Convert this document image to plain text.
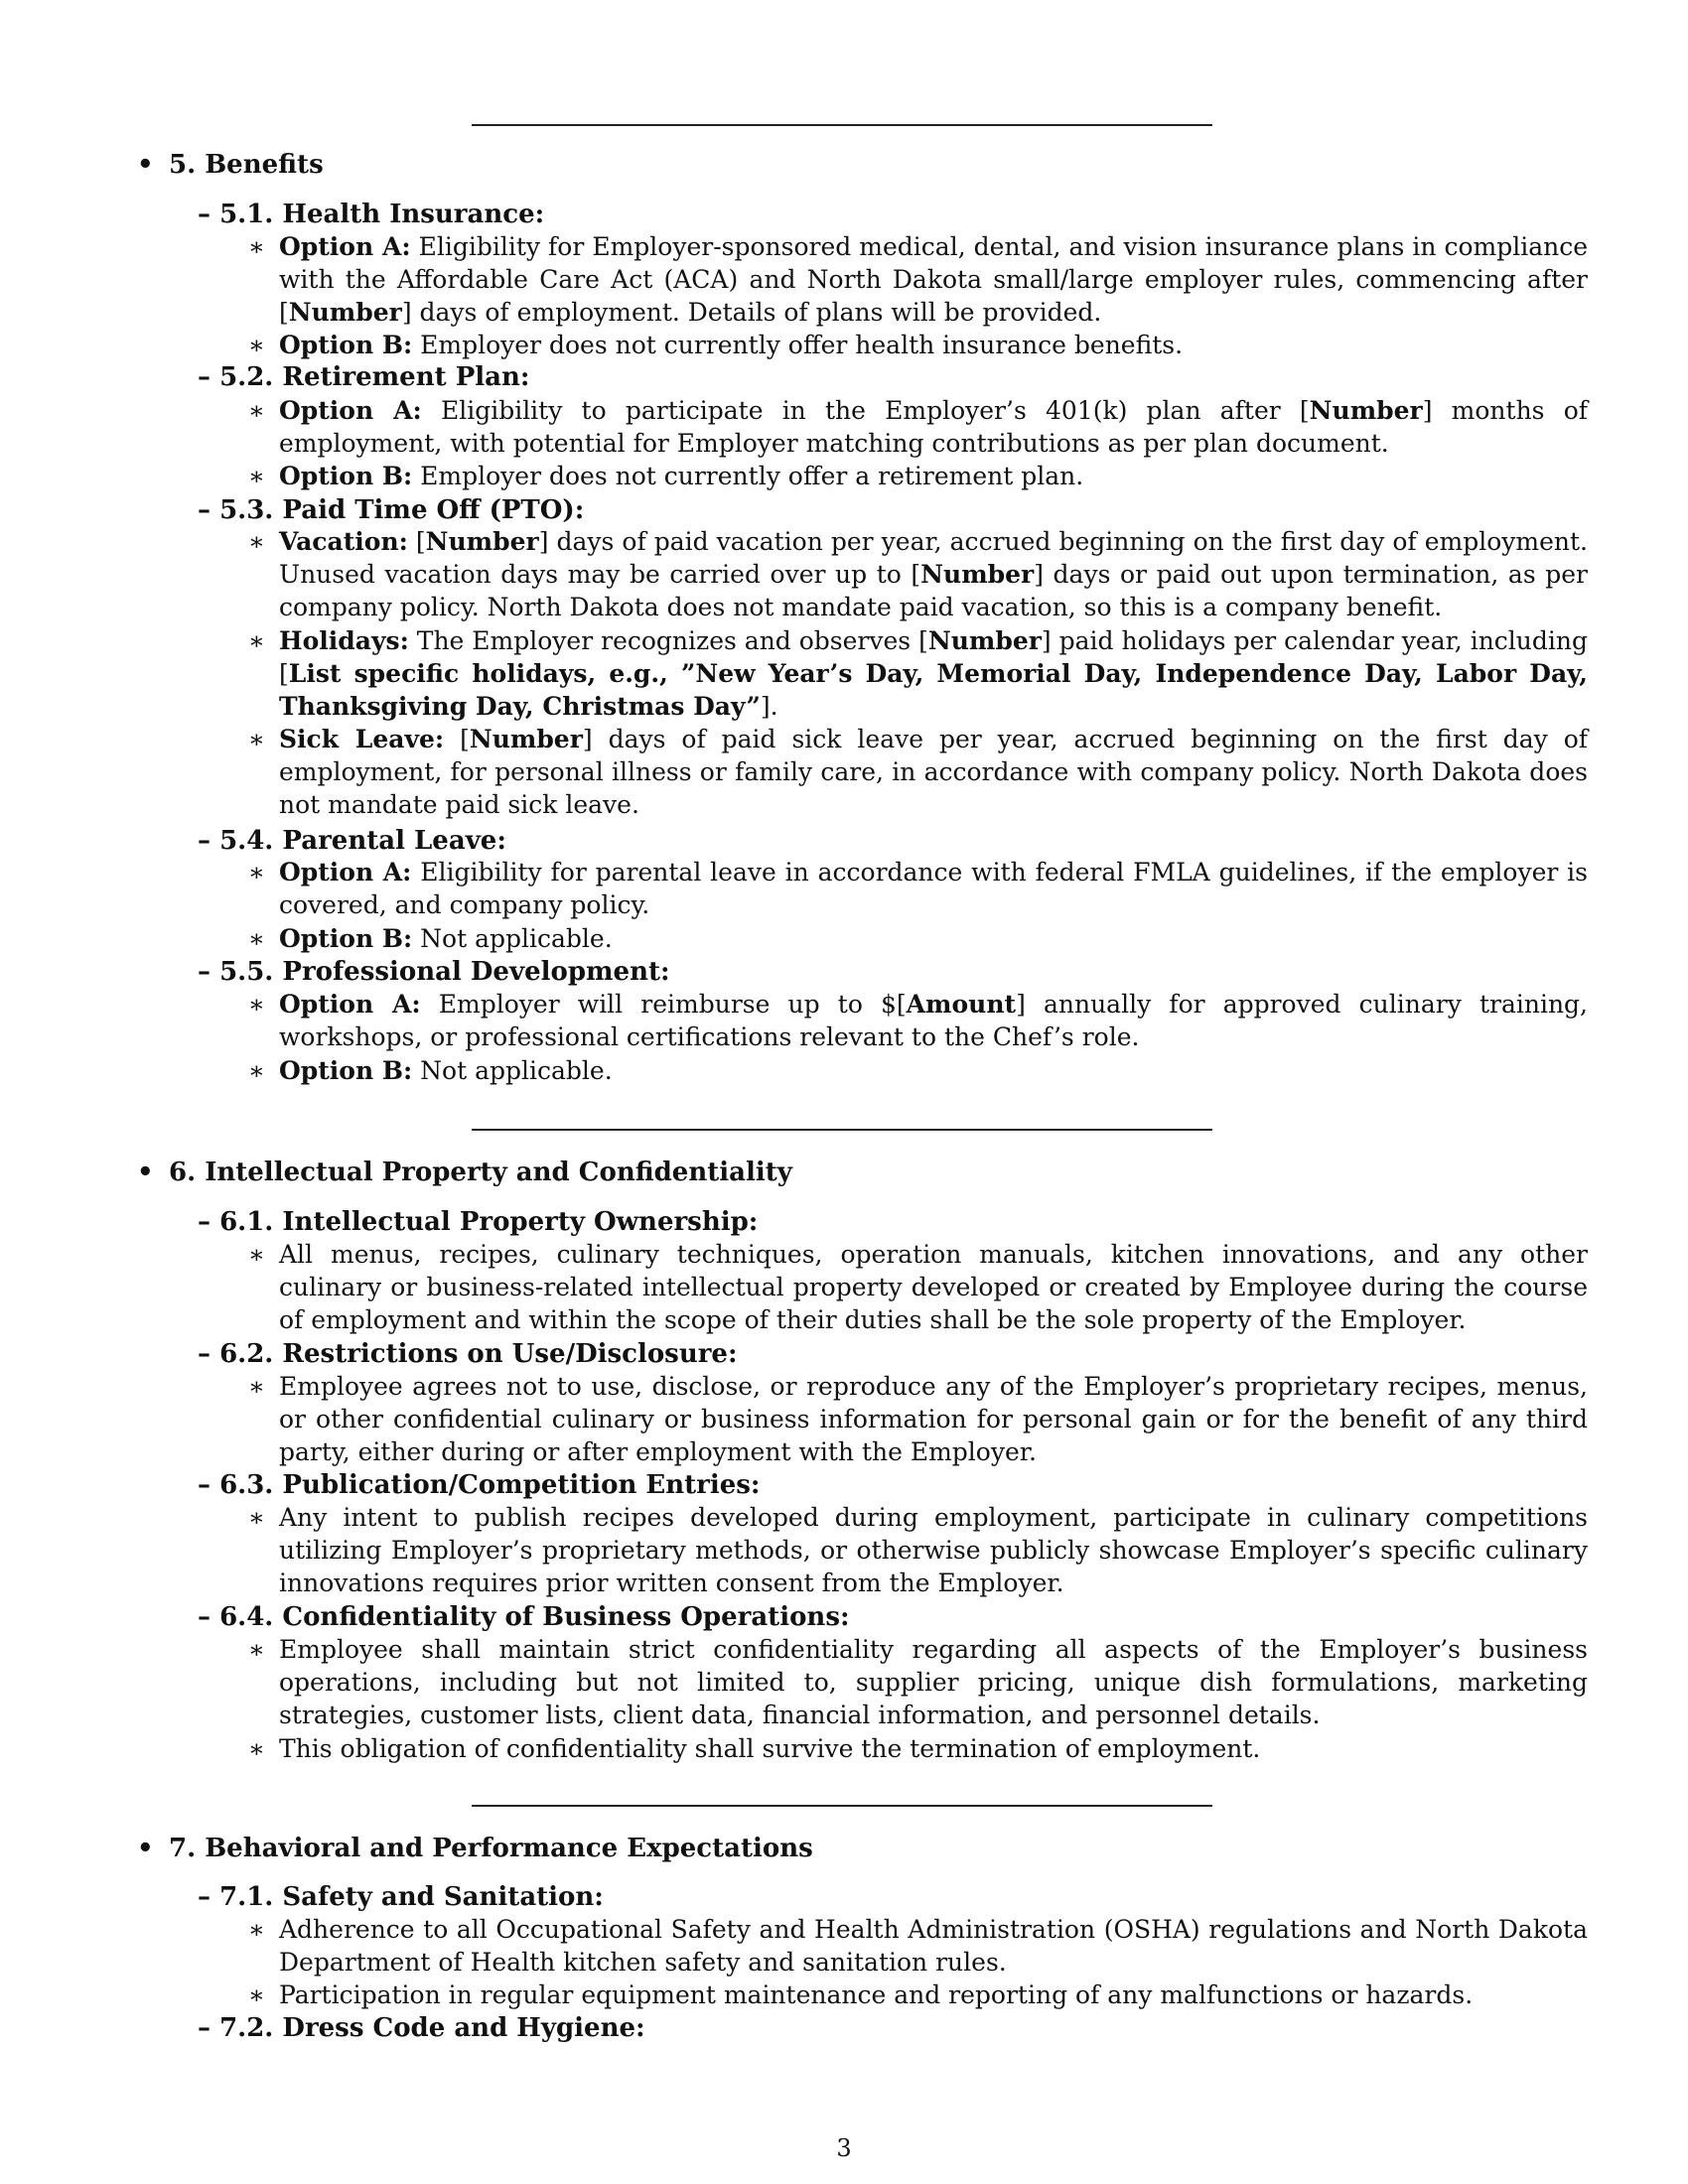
• 5. Benefits
– 5.1. Health Insurance:
∗ Option A: Eligibility for Employer-sponsored medical, dental, and vision insurance plans in compliance with the Affordable Care Act (ACA) and North Dakota small/large employer rules, commencing after [Number] days of employment. Details of plans will be provided.
∗ Option B: Employer does not currently offer health insurance benefits.
– 5.2. Retirement Plan:
∗ Option A: Eligibility to participate in the Employer’s 401(k) plan after [Number] months of employment, with potential for Employer matching contributions as per plan document.
∗ Option B: Employer does not currently offer a retirement plan.
– 5.3. Paid Time Off (PTO):
∗ Vacation: [Number] days of paid vacation per year, accrued beginning on the first day of employment. Unused vacation days may be carried over up to [Number] days or paid out upon termination, as per company policy. North Dakota does not mandate paid vacation, so this is a company benefit.
∗ Holidays: The Employer recognizes and observes [Number] paid holidays per calendar year, including [List specific holidays, e.g., ”New Year’s Day, Memorial Day, Independence Day, Labor Day, Thanksgiving Day, Christmas Day”].
∗ Sick Leave: [Number] days of paid sick leave per year, accrued beginning on the first day of employment, for personal illness or family care, in accordance with company policy. North Dakota does not mandate paid sick leave.
– 5.4. Parental Leave:
∗ Option A: Eligibility for parental leave in accordance with federal FMLA guidelines, if the employer is covered, and company policy.
∗ Option B: Not applicable.
– 5.5. Professional Development:
∗ Option A: Employer will reimburse up to $[Amount] annually for approved culinary training, workshops, or professional certifications relevant to the Chef’s role.
∗ Option B: Not applicable.
• 6. Intellectual Property and Confidentiality
– 6.1. Intellectual Property Ownership:
∗ All menus, recipes, culinary techniques, operation manuals, kitchen innovations, and any other culinary or business-related intellectual property developed or created by Employee during the course of employment and within the scope of their duties shall be the sole property of the Employer.
– 6.2. Restrictions on Use/Disclosure:
∗ Employee agrees not to use, disclose, or reproduce any of the Employer’s proprietary recipes, menus, or other confidential culinary or business information for personal gain or for the benefit of any third party, either during or after employment with the Employer.
– 6.3. Publication/Competition Entries:
∗ Any intent to publish recipes developed during employment, participate in culinary competitions utilizing Employer’s proprietary methods, or otherwise publicly showcase Employer’s specific culinary innovations requires prior written consent from the Employer.
– 6.4. Confidentiality of Business Operations:
∗ Employee shall maintain strict confidentiality regarding all aspects of the Employer’s business operations, including but not limited to, supplier pricing, unique dish formulations, marketing strategies, customer lists, client data, financial information, and personnel details.
∗ This obligation of confidentiality shall survive the termination of employment.
• 7. Behavioral and Performance Expectations
– 7.1. Safety and Sanitation:
∗ Adherence to all Occupational Safety and Health Administration (OSHA) regulations and North Dakota Department of Health kitchen safety and sanitation rules.
∗ Participation in regular equipment maintenance and reporting of any malfunctions or hazards.
– 7.2. Dress Code and Hygiene:
3
